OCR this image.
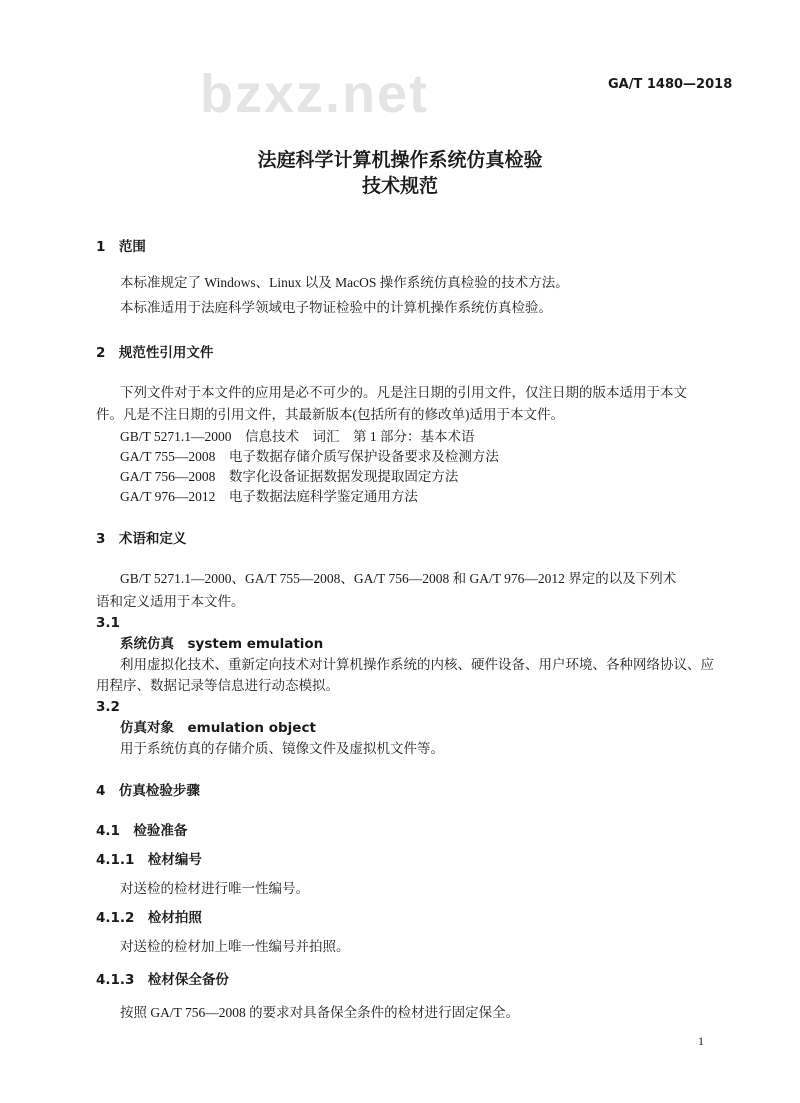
bzxz.net	GA/T 1480—2018
法庭科学计算机操作系统仿真检验
技术规范
1　范围
本标准规定了 Windows、Linux 以及 MacOS 操作系统仿真检验的技术方法。
本标准适用于法庭科学领域电子物证检验中的计算机操作系统仿真检验。
2　规范性引用文件
下列文件对于本文件的应用是必不可少的。凡是注日期的引用文件，仅注日期的版本适用于本文
件。凡是不注日期的引用文件，其最新版本(包括所有的修改单)适用于本文件。
GB/T 5271.1—2000　信息技术　词汇　第 1 部分：基本术语
GA/T 755—2008　电子数据存储介质写保护设备要求及检测方法
GA/T 756—2008　数字化设备证据数据发现提取固定方法
GA/T 976—2012　电子数据法庭科学鉴定通用方法
3　术语和定义
GB/T 5271.1—2000、GA/T 755—2008、GA/T 756—2008 和 GA/T 976—2012 界定的以及下列术
语和定义适用于本文件。
3.1
系统仿真　system emulation
利用虚拟化技术、重新定向技术对计算机操作系统的内核、硬件设备、用户环境、各种网络协议、应
用程序、数据记录等信息进行动态模拟。
3.2
仿真对象　emulation object
用于系统仿真的存储介质、镜像文件及虚拟机文件等。
4　仿真检验步骤
4.1　检验准备
4.1.1　检材编号
对送检的检材进行唯一性编号。
4.1.2　检材拍照
对送检的检材加上唯一性编号并拍照。
4.1.3　检材保全备份
按照 GA/T 756—2008 的要求对具备保全条件的检材进行固定保全。
1
